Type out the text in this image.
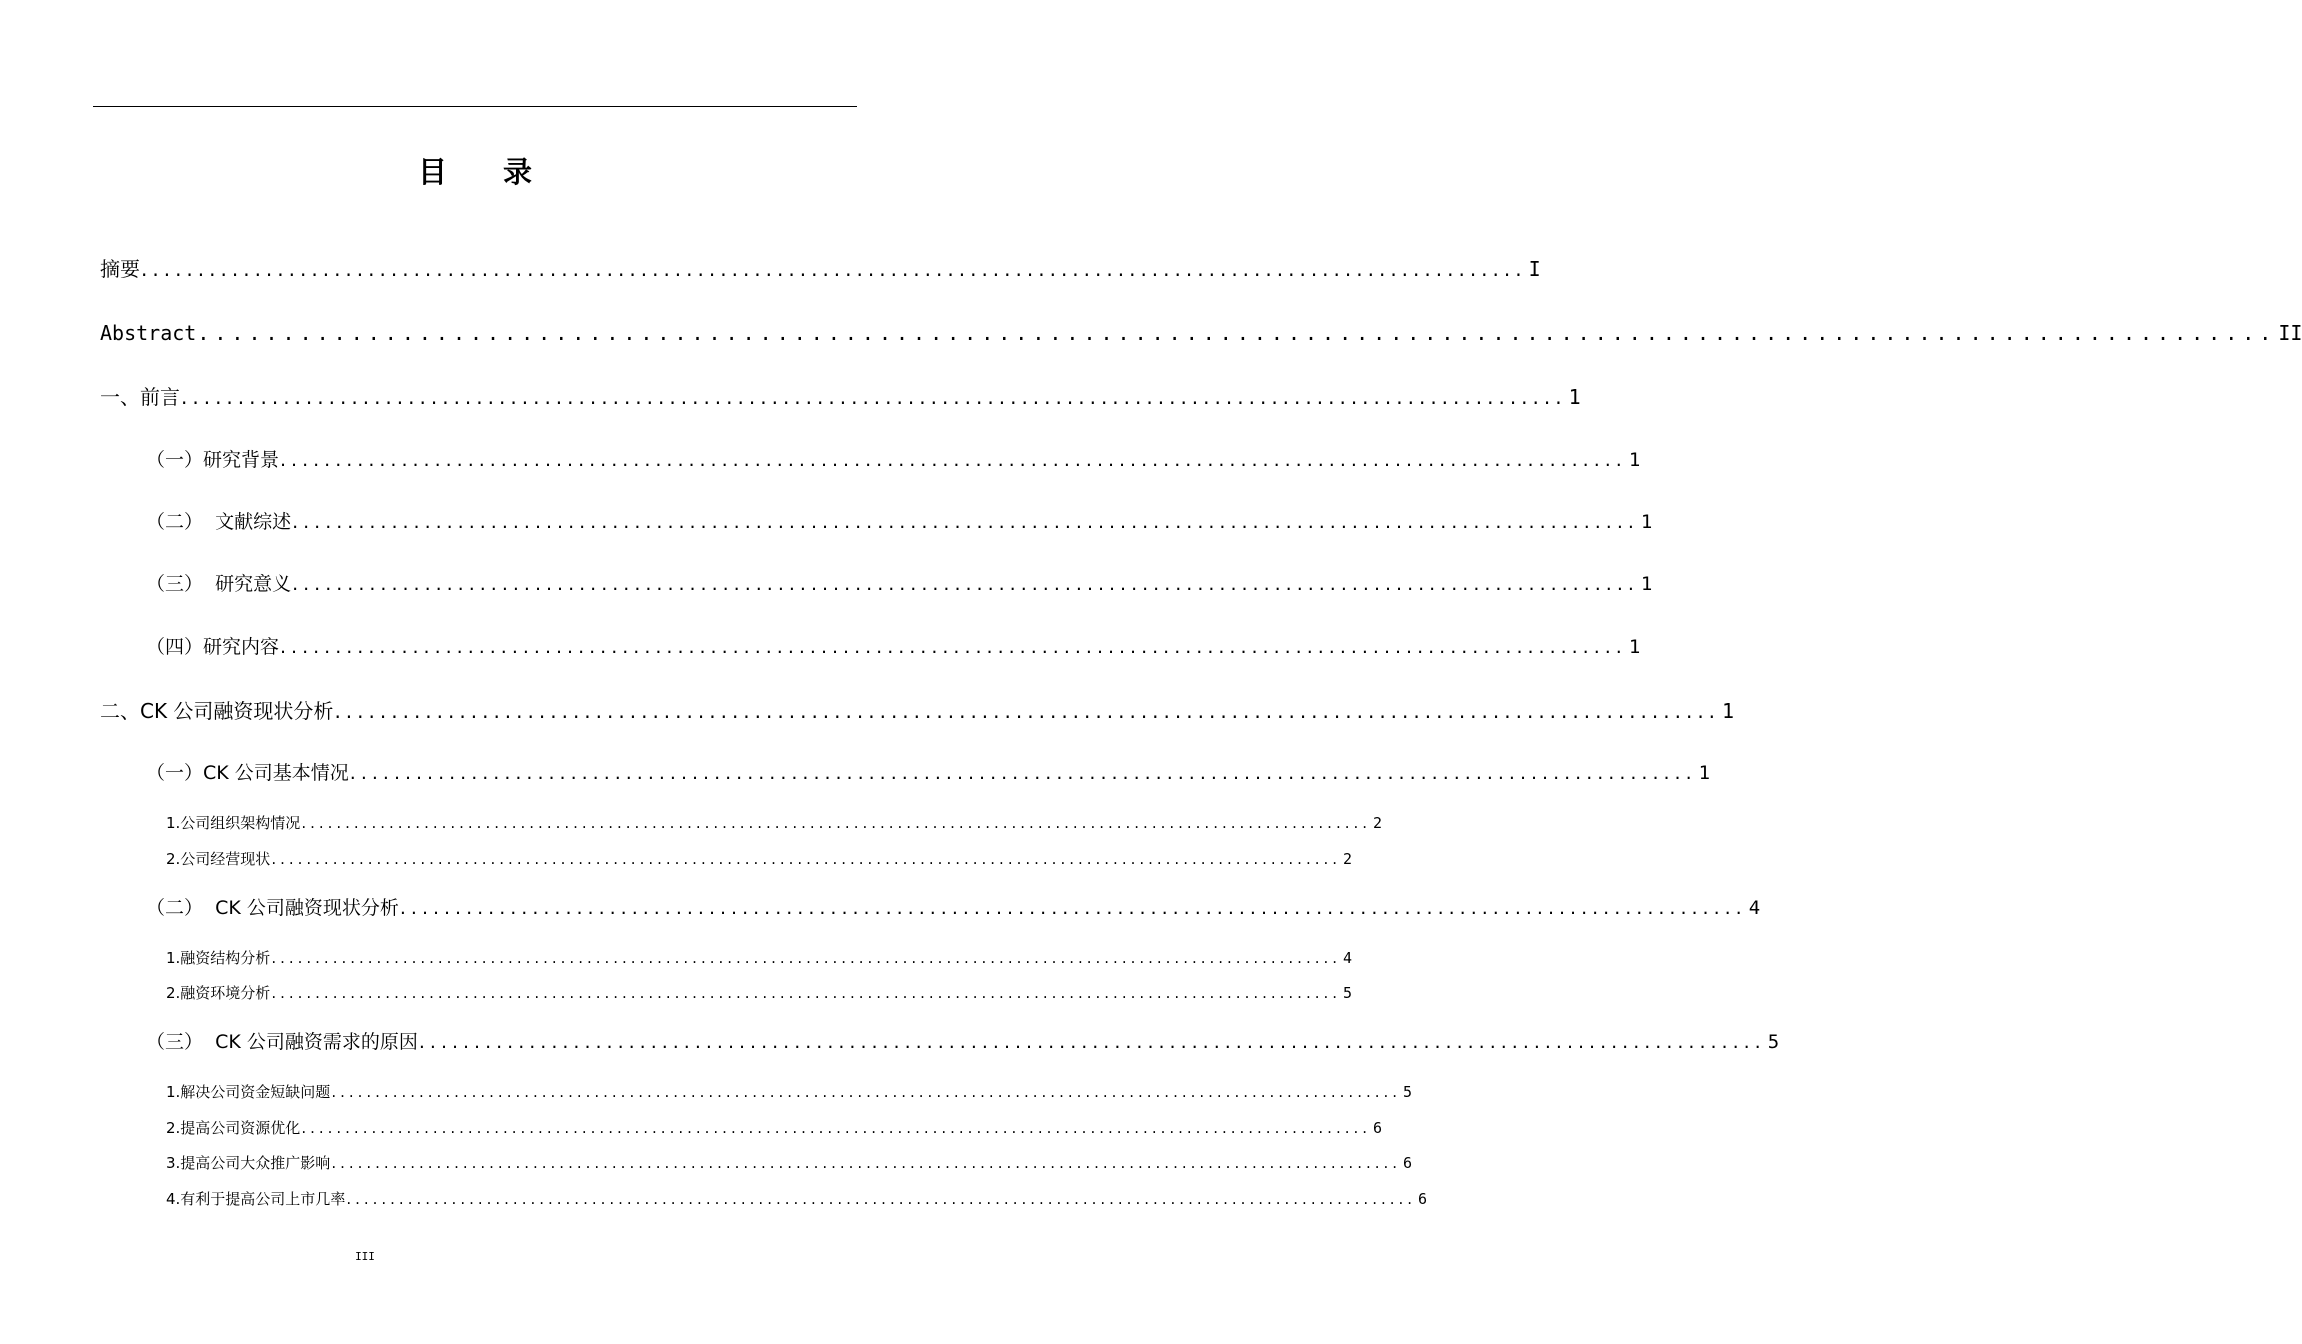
目 录
摘要 .......................................................................................................................... I
Abstract .......................................................................................................................... II
一、前言 .......................................................................................................................... 1
（一）研究背景 .......................................................................................................................... 1
（二）  文献综述 .......................................................................................................................... 1
（三）  研究意义 .......................................................................................................................... 1
（四）研究内容 .......................................................................................................................... 1
二、CK 公司融资现状分析 .......................................................................................................................... 1
（一）CK 公司基本情况 .......................................................................................................................... 1
1.公司组织架构情况 .......................................................................................................................... 2
2.公司经营现状 .......................................................................................................................... 2
（二）  CK 公司融资现状分析 .......................................................................................................................... 4
1.融资结构分析 .......................................................................................................................... 4
2.融资环境分析 .......................................................................................................................... 5
（三）  CK 公司融资需求的原因 .......................................................................................................................... 5
1.解决公司资金短缺问题 .......................................................................................................................... 5
2.提高公司资源优化 .......................................................................................................................... 6
3.提高公司大众推广影响 .......................................................................................................................... 6
4.有利于提高公司上市几率 .......................................................................................................................... 6
III
